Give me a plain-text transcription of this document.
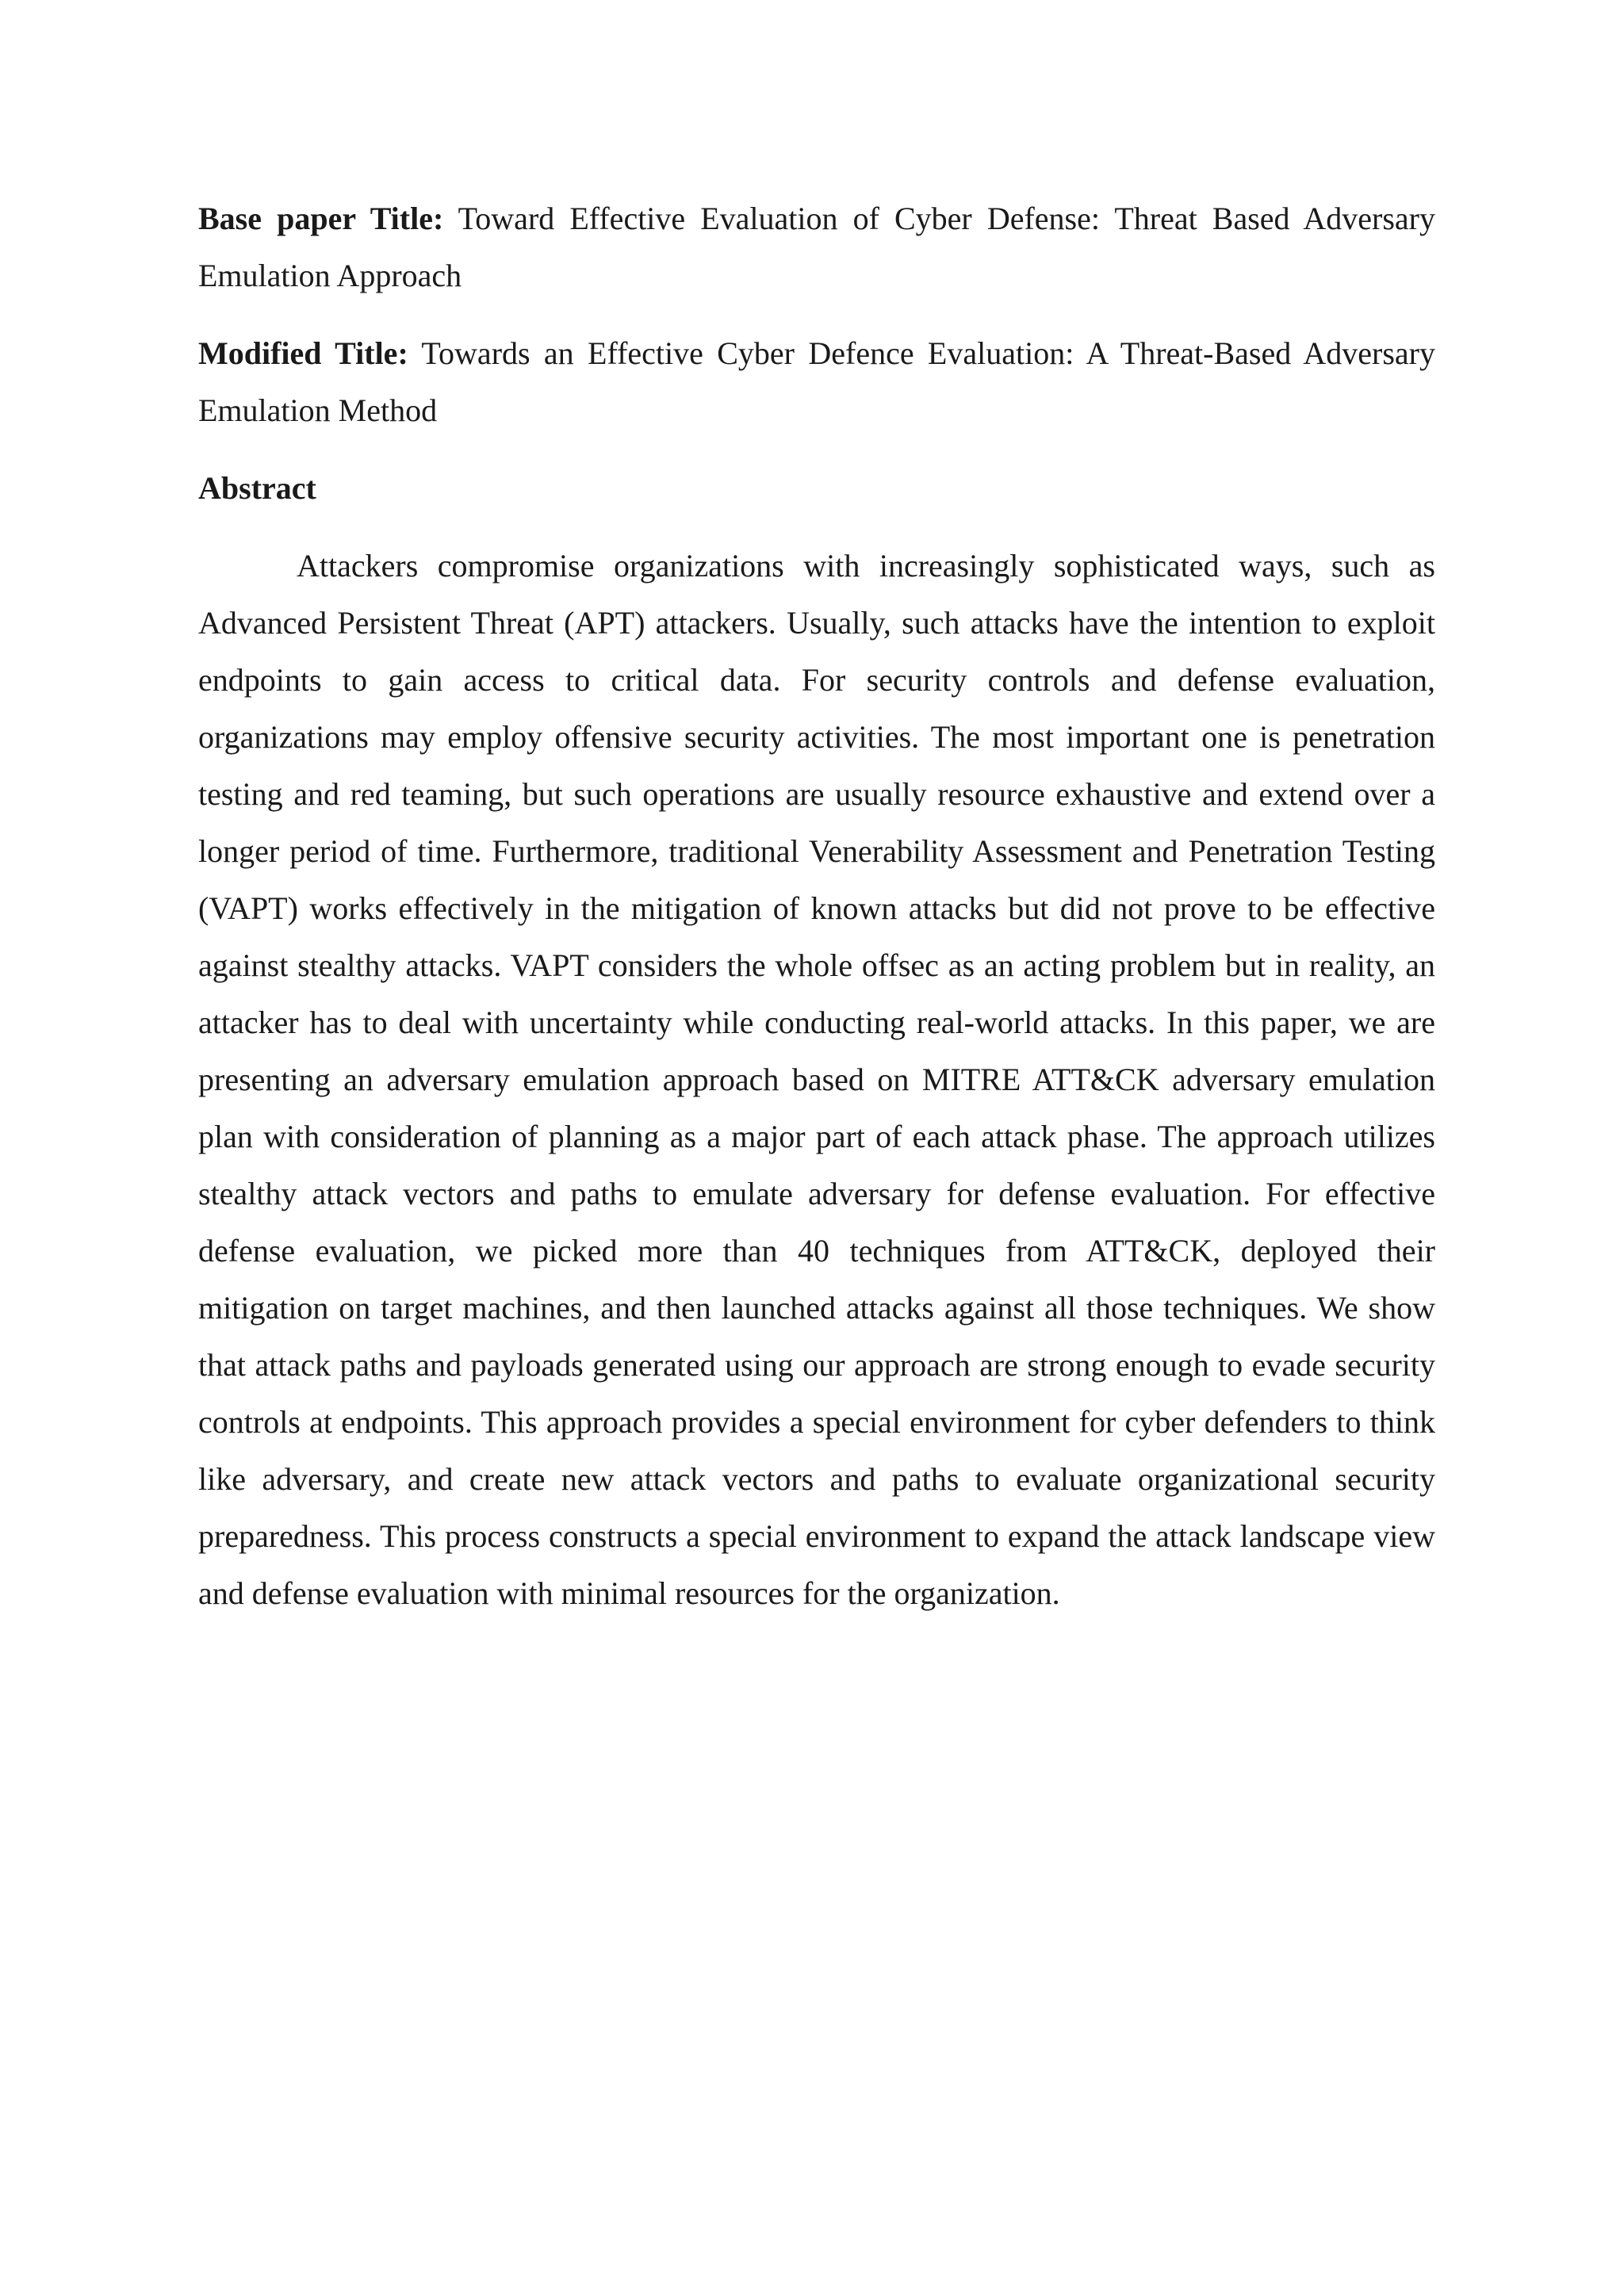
Base paper Title: Toward Effective Evaluation of Cyber Defense: Threat Based Adversary Emulation Approach

Modified Title: Towards an Effective Cyber Defence Evaluation: A Threat-Based Adversary Emulation Method

Abstract

Attackers compromise organizations with increasingly sophisticated ways, such as Advanced Persistent Threat (APT) attackers. Usually, such attacks have the intention to exploit endpoints to gain access to critical data. For security controls and defense evaluation, organizations may employ offensive security activities. The most important one is penetration testing and red teaming, but such operations are usually resource exhaustive and extend over a longer period of time. Furthermore, traditional Venerability Assessment and Penetration Testing (VAPT) works effectively in the mitigation of known attacks but did not prove to be effective against stealthy attacks. VAPT considers the whole offsec as an acting problem but in reality, an attacker has to deal with uncertainty while conducting real-world attacks. In this paper, we are presenting an adversary emulation approach based on MITRE ATT&CK adversary emulation plan with consideration of planning as a major part of each attack phase. The approach utilizes stealthy attack vectors and paths to emulate adversary for defense evaluation. For effective defense evaluation, we picked more than 40 techniques from ATT&CK, deployed their mitigation on target machines, and then launched attacks against all those techniques. We show that attack paths and payloads generated using our approach are strong enough to evade security controls at endpoints. This approach provides a special environment for cyber defenders to think like adversary, and create new attack vectors and paths to evaluate organizational security preparedness. This process constructs a special environment to expand the attack landscape view and defense evaluation with minimal resources for the organization.
